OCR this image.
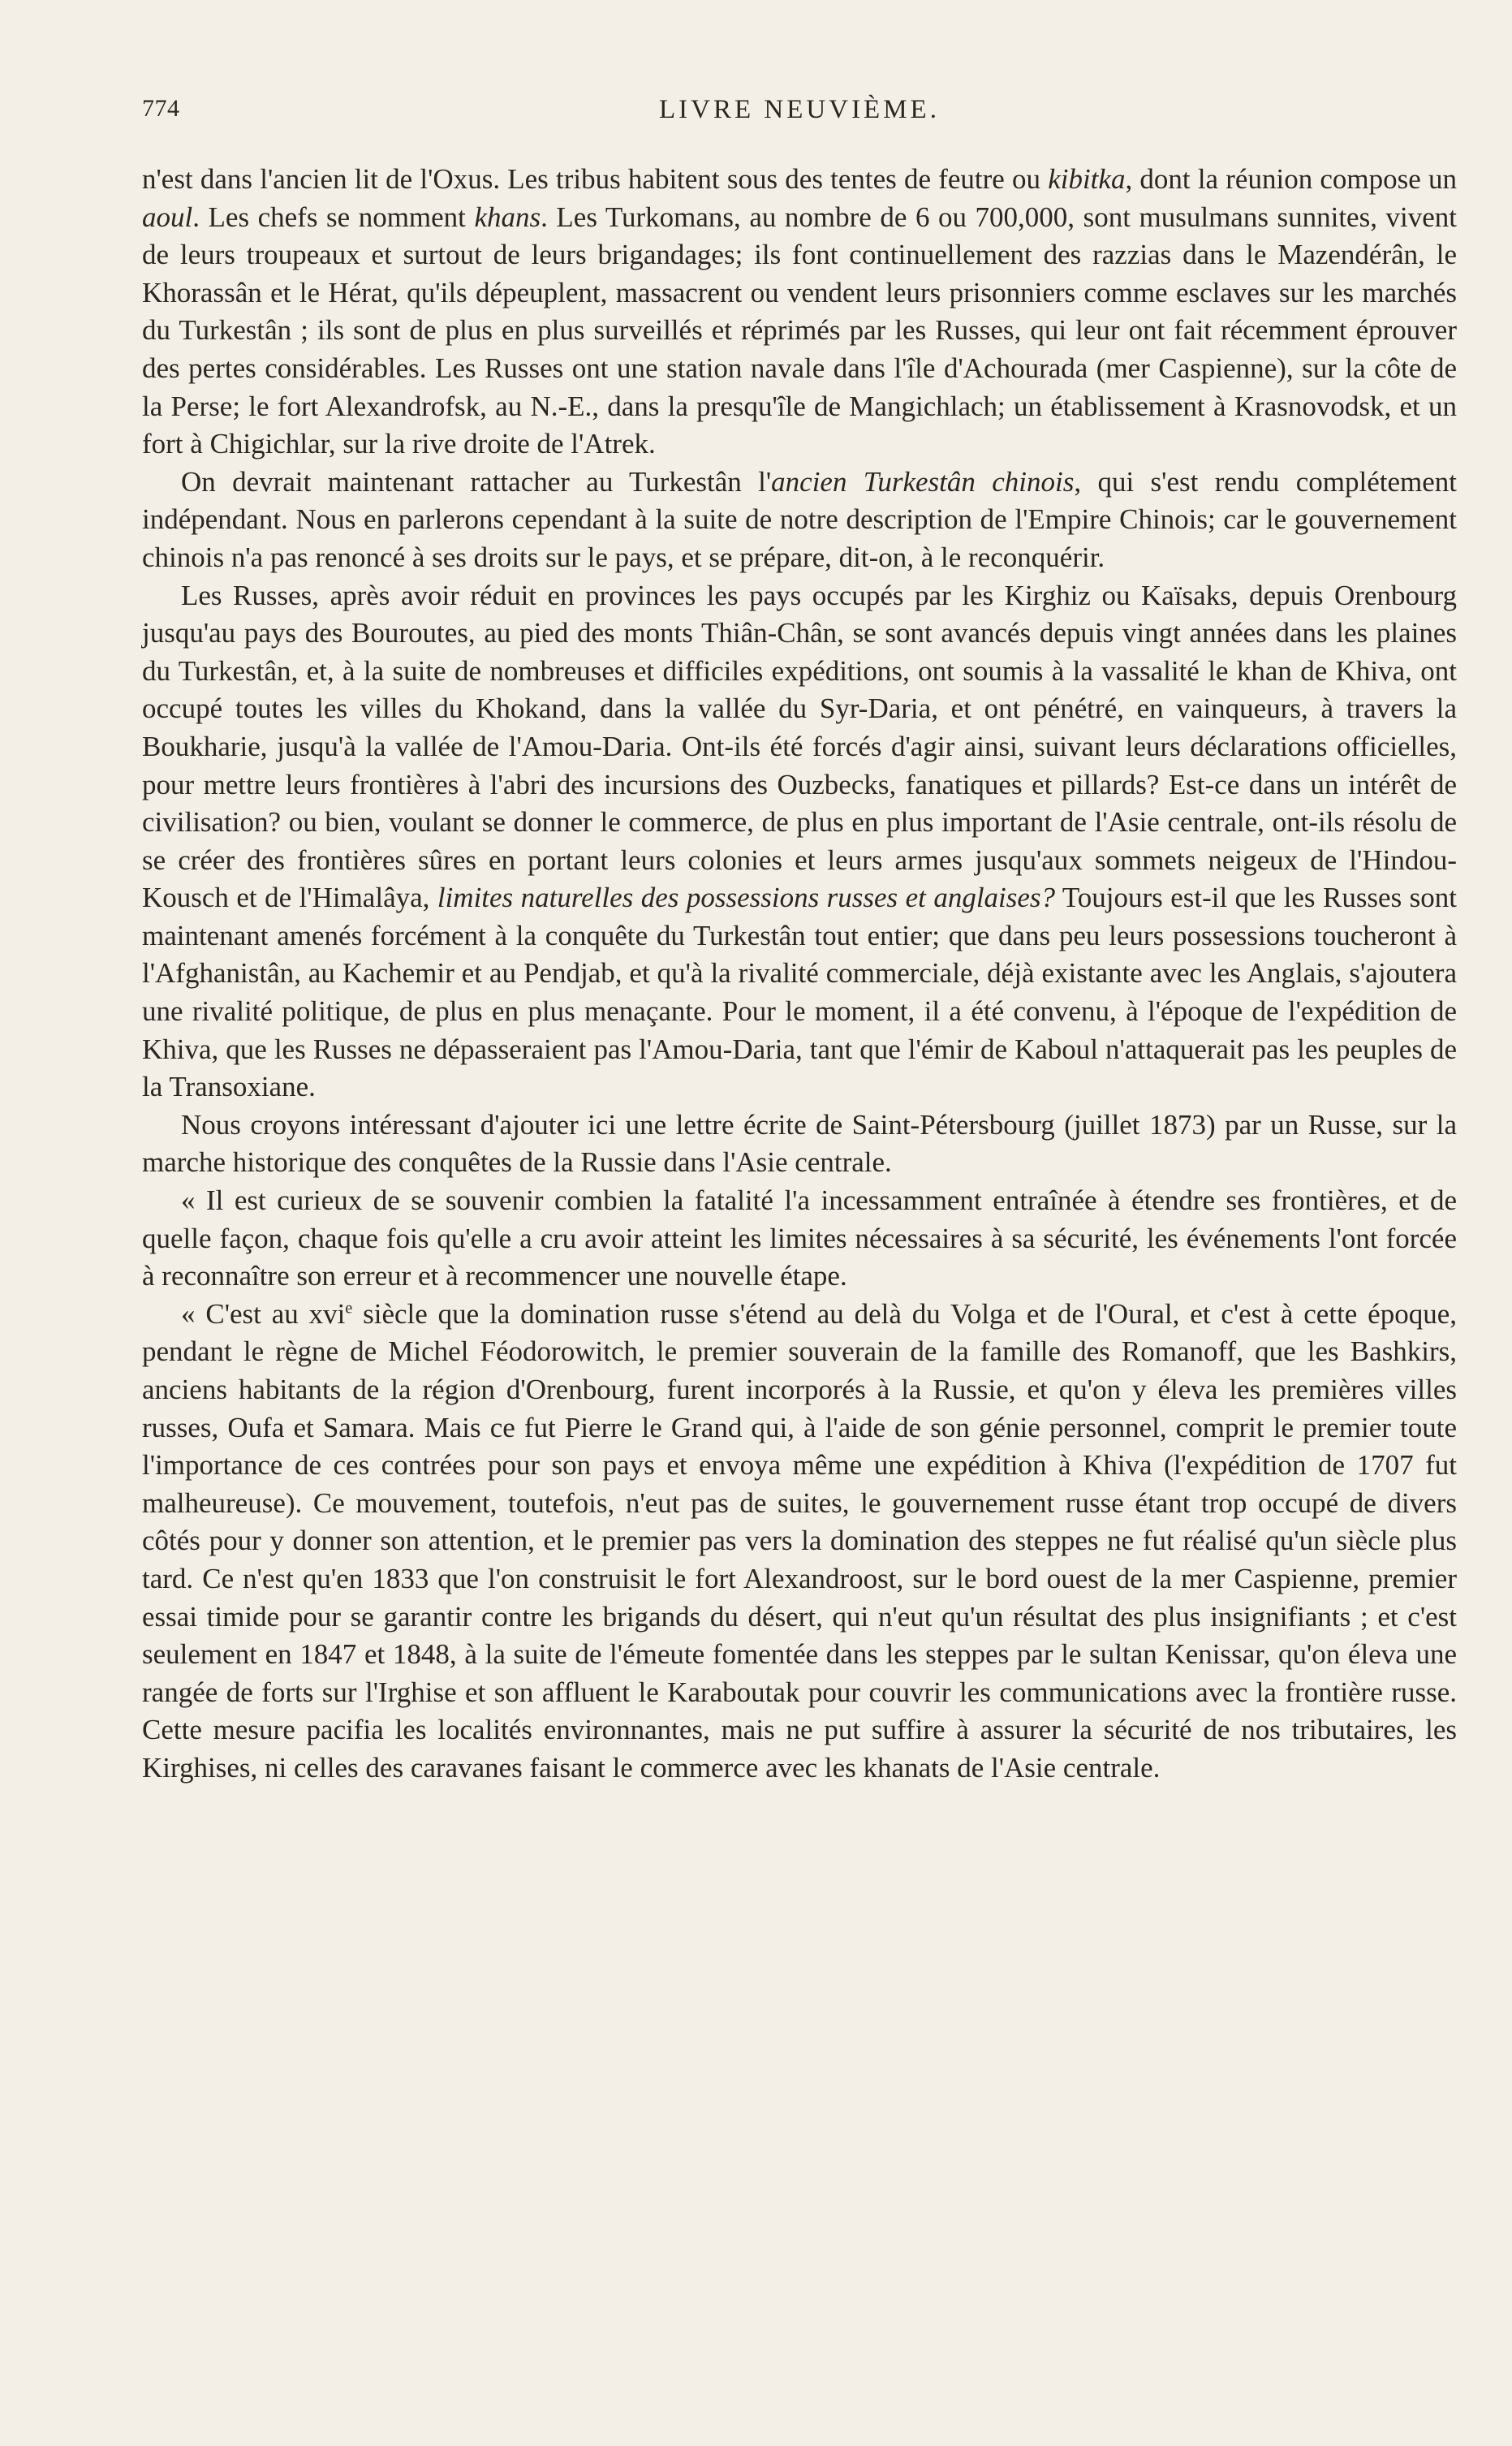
774	LIVRE NEUVIÈME.

n'est dans l'ancien lit de l'Oxus. Les tribus habitent sous des tentes de feutre ou kibitka, dont la réunion compose un aoul. Les chefs se nomment khans. Les Turkomans, au nombre de 6 ou 700,000, sont musulmans sunnites, vivent de leurs troupeaux et surtout de leurs brigandages; ils font continuellement des razzias dans le Mazendérân, le Khorassân et le Hérat, qu'ils dépeuplent, massacrent ou vendent leurs prisonniers comme esclaves sur les marchés du Turkestân ; ils sont de plus en plus surveillés et réprimés par les Russes, qui leur ont fait récemment éprouver des pertes considérables. Les Russes ont une station navale dans l'île d'Achourada (mer Caspienne), sur la côte de la Perse; le fort Alexandrofsk, au N.-E., dans la presqu'île de Mangichlach; un établissement à Krasnovodsk, et un fort à Chigichlar, sur la rive droite de l'Atrek.

On devrait maintenant rattacher au Turkestân l'ancien Turkestân chinois, qui s'est rendu complétement indépendant. Nous en parlerons cependant à la suite de notre description de l'Empire Chinois; car le gouvernement chinois n'a pas renoncé à ses droits sur le pays, et se prépare, dit-on, à le reconquérir.

Les Russes, après avoir réduit en provinces les pays occupés par les Kirghiz ou Kaïsaks, depuis Orenbourg jusqu'au pays des Bouroutes, au pied des monts Thiân-Chân, se sont avancés depuis vingt années dans les plaines du Turkestân, et, à la suite de nombreuses et difficiles expéditions, ont soumis à la vassalité le khan de Khiva, ont occupé toutes les villes du Khokand, dans la vallée du Syr-Daria, et ont pénétré, en vainqueurs, à travers la Boukharie, jusqu'à la vallée de l'Amou-Daria. Ont-ils été forcés d'agir ainsi, suivant leurs déclarations officielles, pour mettre leurs frontières à l'abri des incursions des Ouzbecks, fanatiques et pillards? Est-ce dans un intérêt de civilisation? ou bien, voulant se donner le commerce, de plus en plus important de l'Asie centrale, ont-ils résolu de se créer des frontières sûres en portant leurs colonies et leurs armes jusqu'aux sommets neigeux de l'Hindou-Kousch et de l'Himalâya, limites naturelles des possessions russes et anglaises? Toujours est-il que les Russes sont maintenant amenés forcément à la conquête du Turkestân tout entier; que dans peu leurs possessions toucheront à l'Afghanistân, au Kachemir et au Pendjab, et qu'à la rivalité commerciale, déjà existante avec les Anglais, s'ajoutera une rivalité politique, de plus en plus menaçante. Pour le moment, il a été convenu, à l'époque de l'expédition de Khiva, que les Russes ne dépasseraient pas l'Amou-Daria, tant que l'émir de Kaboul n'attaquerait pas les peuples de la Transoxiane.

Nous croyons intéressant d'ajouter ici une lettre écrite de Saint-Pétersbourg (juillet 1873) par un Russe, sur la marche historique des conquêtes de la Russie dans l'Asie centrale.

« Il est curieux de se souvenir combien la fatalité l'a incessamment entraînée à étendre ses frontières, et de quelle façon, chaque fois qu'elle a cru avoir atteint les limites nécessaires à sa sécurité, les événements l'ont forcée à reconnaître son erreur et à recommencer une nouvelle étape.

« C'est au xvi$^e$ siècle que la domination russe s'étend au delà du Volga et de l'Oural, et c'est à cette époque, pendant le règne de Michel Féodorowitch, le premier souverain de la famille des Romanoff, que les Bashkirs, anciens habitants de la région d'Orenbourg, furent incorporés à la Russie, et qu'on y éleva les premières villes russes, Oufa et Samara. Mais ce fut Pierre le Grand qui, à l'aide de son génie personnel, comprit le premier toute l'importance de ces contrées pour son pays et envoya même une expédition à Khiva (l'expédition de 1707 fut malheureuse). Ce mouvement, toutefois, n'eut pas de suites, le gouvernement russe étant trop occupé de divers côtés pour y donner son attention, et le premier pas vers la domination des steppes ne fut réalisé qu'un siècle plus tard. Ce n'est qu'en 1833 que l'on construisit le fort Alexandroost, sur le bord ouest de la mer Caspienne, premier essai timide pour se garantir contre les brigands du désert, qui n'eut qu'un résultat des plus insignifiants ; et c'est seulement en 1847 et 1848, à la suite de l'émeute fomentée dans les steppes par le sultan Kenissar, qu'on éleva une rangée de forts sur l'Irghise et son affluent le Karaboutak pour couvrir les communications avec la frontière russe. Cette mesure pacifia les localités environnantes, mais ne put suffire à assurer la sécurité de nos tributaires, les Kirghises, ni celles des caravanes faisant le commerce avec les khanats de l'Asie centrale.
